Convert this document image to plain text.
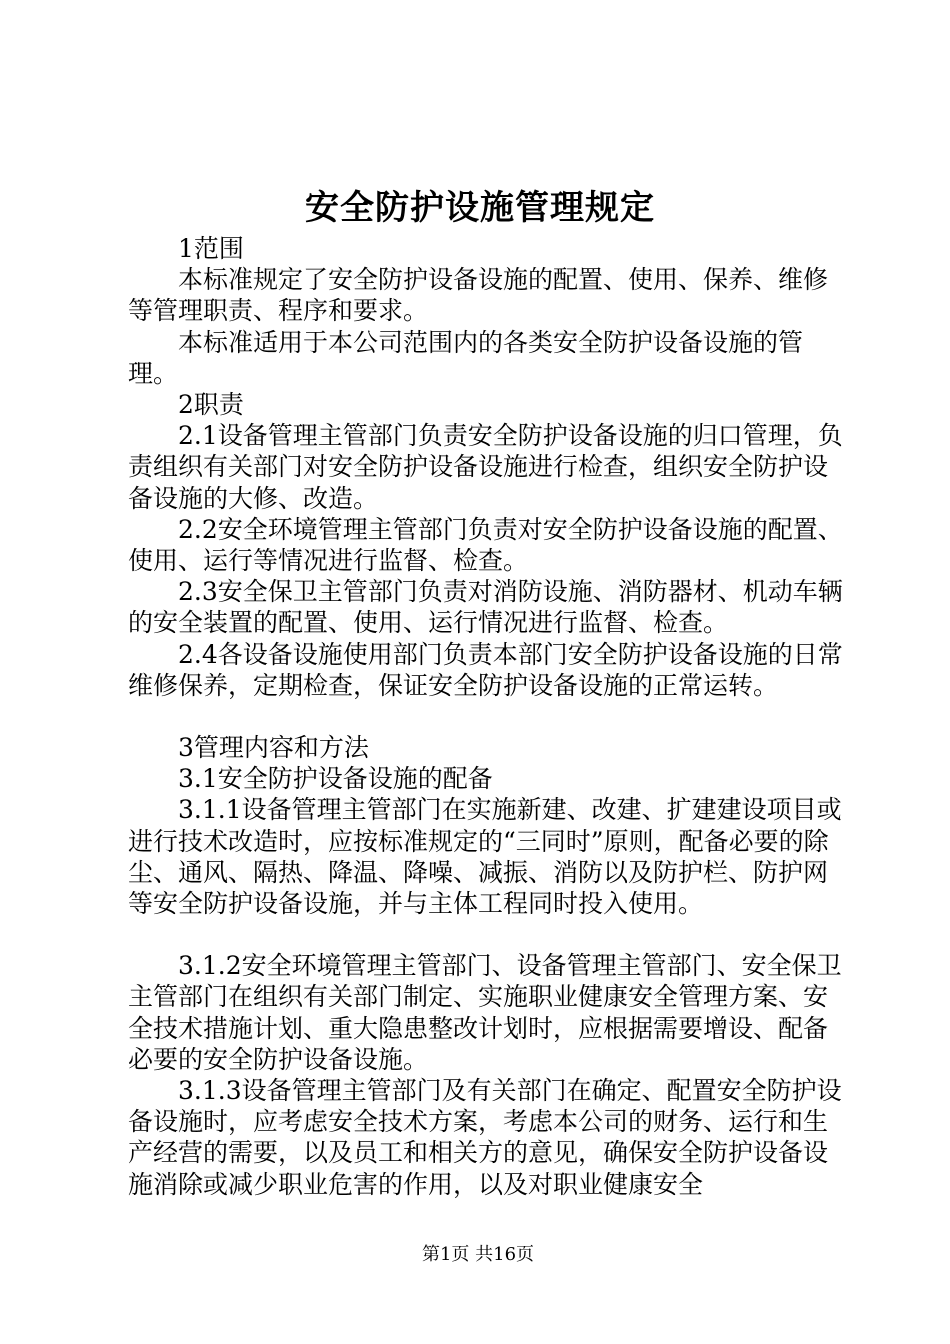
安全防护设施管理规定

1范围

本标准规定了安全防护设备设施的配置、使用、保养、维修等管理职责、程序和要求。

本标准适用于本公司范围内的各类安全防护设备设施的管理。

2职责

2.1设备管理主管部门负责安全防护设备设施的归口管理，负责组织有关部门对安全防护设备设施进行检查，组织安全防护设备设施的大修、改造。

2.2安全环境管理主管部门负责对安全防护设备设施的配置、使用、运行等情况进行监督、检查。

2.3安全保卫主管部门负责对消防设施、消防器材、机动车辆的安全装置的配置、使用、运行情况进行监督、检查。

2.4各设备设施使用部门负责本部门安全防护设备设施的日常维修保养，定期检查，保证安全防护设备设施的正常运转。

3管理内容和方法

3.1安全防护设备设施的配备

3.1.1设备管理主管部门在实施新建、改建、扩建建设项目或进行技术改造时，应按标准规定的“三同时”原则，配备必要的除尘、通风、隔热、降温、降噪、减振、消防以及防护栏、防护网等安全防护设备设施，并与主体工程同时投入使用。

3.1.2安全环境管理主管部门、设备管理主管部门、安全保卫主管部门在组织有关部门制定、实施职业健康安全管理方案、安全技术措施计划、重大隐患整改计划时，应根据需要增设、配备必要的安全防护设备设施。

3.1.3设备管理主管部门及有关部门在确定、配置安全防护设备设施时，应考虑安全技术方案，考虑本公司的财务、运行和生产经营的需要，以及员工和相关方的意见，确保安全防护设备设施消除或减少职业危害的作用，以及对职业健康安全

第1页 共16页
